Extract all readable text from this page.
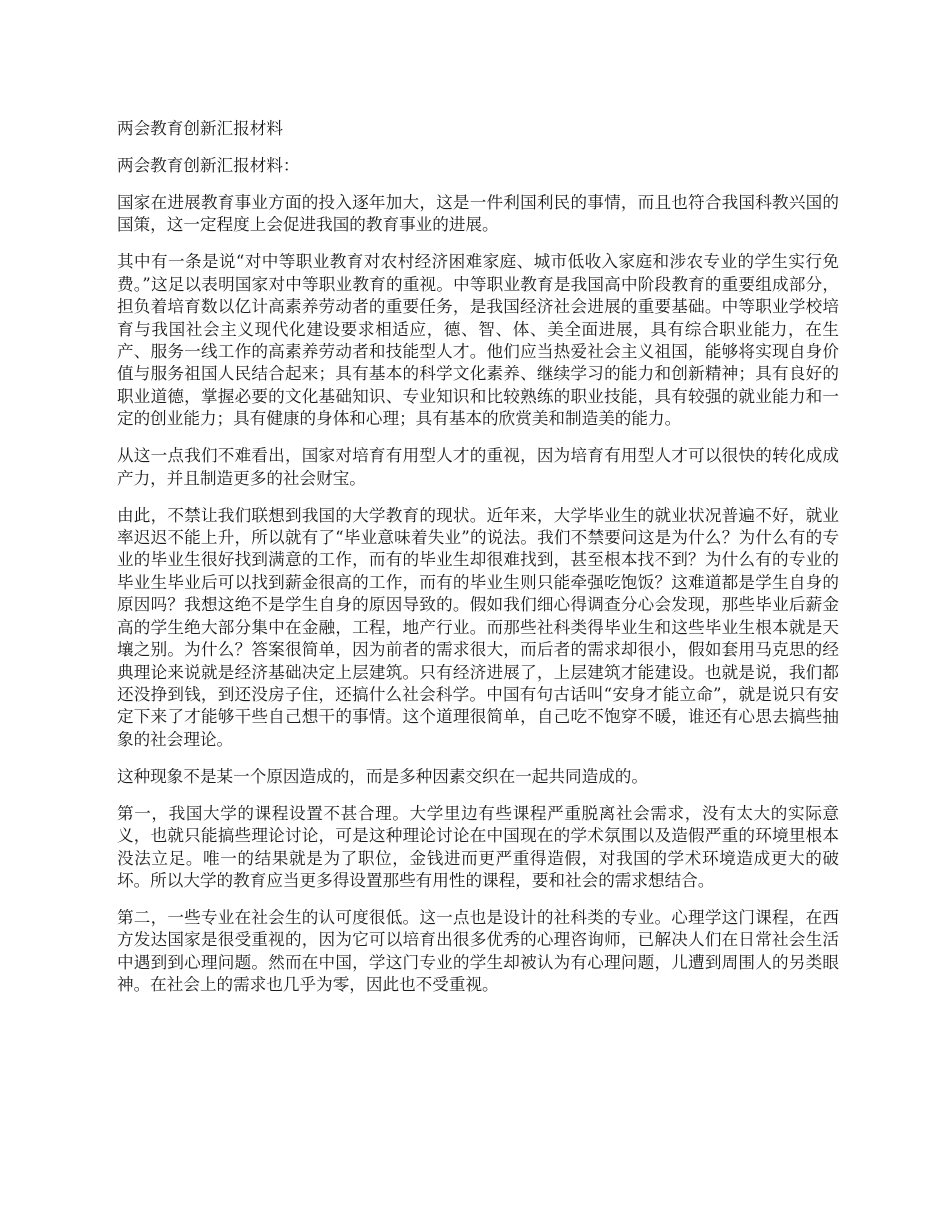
两会教育创新汇报材料

两会教育创新汇报材料：

国家在进展教育事业方面的投入逐年加大，这是一件利国利民的事情，而且也符合我国科教兴国的国策，这一定程度上会促进我国的教育事业的进展。

其中有一条是说“对中等职业教育对农村经济困难家庭、城市低收入家庭和涉农专业的学生实行免费。”这足以表明国家对中等职业教育的重视。中等职业教育是我国高中阶段教育的重要组成部分，担负着培育数以亿计高素养劳动者的重要任务，是我国经济社会进展的重要基础。中等职业学校培育与我国社会主义现代化建设要求相适应，德、智、体、美全面进展，具有综合职业能力，在生产、服务一线工作的高素养劳动者和技能型人才。他们应当热爱社会主义祖国，能够将实现自身价值与服务祖国人民结合起来；具有基本的科学文化素养、继续学习的能力和创新精神；具有良好的职业道德，掌握必要的文化基础知识、专业知识和比较熟练的职业技能，具有较强的就业能力和一定的创业能力；具有健康的身体和心理；具有基本的欣赏美和制造美的能力。

从这一点我们不难看出，国家对培育有用型人才的重视，因为培育有用型人才可以很快的转化成成产力，并且制造更多的社会财宝。

由此，不禁让我们联想到我国的大学教育的现状。近年来，大学毕业生的就业状况普遍不好，就业率迟迟不能上升，所以就有了“毕业意味着失业”的说法。我们不禁要问这是为什么？为什么有的专业的毕业生很好找到满意的工作，而有的毕业生却很难找到，甚至根本找不到？为什么有的专业的毕业生毕业后可以找到薪金很高的工作，而有的毕业生则只能牵强吃饱饭？这难道都是学生自身的原因吗？我想这绝不是学生自身的原因导致的。假如我们细心得调查分心会发现，那些毕业后薪金高的学生绝大部分集中在金融，工程，地产行业。而那些社科类得毕业生和这些毕业生根本就是天壤之别。为什么？答案很简单，因为前者的需求很大，而后者的需求却很小，假如套用马克思的经典理论来说就是经济基础决定上层建筑。只有经济进展了，上层建筑才能建设。也就是说，我们都还没挣到钱，到还没房子住，还搞什么社会科学。中国有句古话叫“安身才能立命”，就是说只有安定下来了才能够干些自己想干的事情。这个道理很简单，自己吃不饱穿不暖，谁还有心思去搞些抽象的社会理论。

这种现象不是某一个原因造成的，而是多种因素交织在一起共同造成的。

第一，我国大学的课程设置不甚合理。大学里边有些课程严重脱离社会需求，没有太大的实际意义，也就只能搞些理论讨论，可是这种理论讨论在中国现在的学术氛围以及造假严重的环境里根本没法立足。唯一的结果就是为了职位，金钱进而更严重得造假，对我国的学术环境造成更大的破坏。所以大学的教育应当更多得设置那些有用性的课程，要和社会的需求想结合。

第二，一些专业在社会生的认可度很低。这一点也是设计的社科类的专业。心理学这门课程，在西方发达国家是很受重视的，因为它可以培育出很多优秀的心理咨询师，已解决人们在日常社会生活中遇到到心理问题。然而在中国，学这门专业的学生却被认为有心理问题，儿遭到周围人的另类眼神。在社会上的需求也几乎为零，因此也不受重视。
